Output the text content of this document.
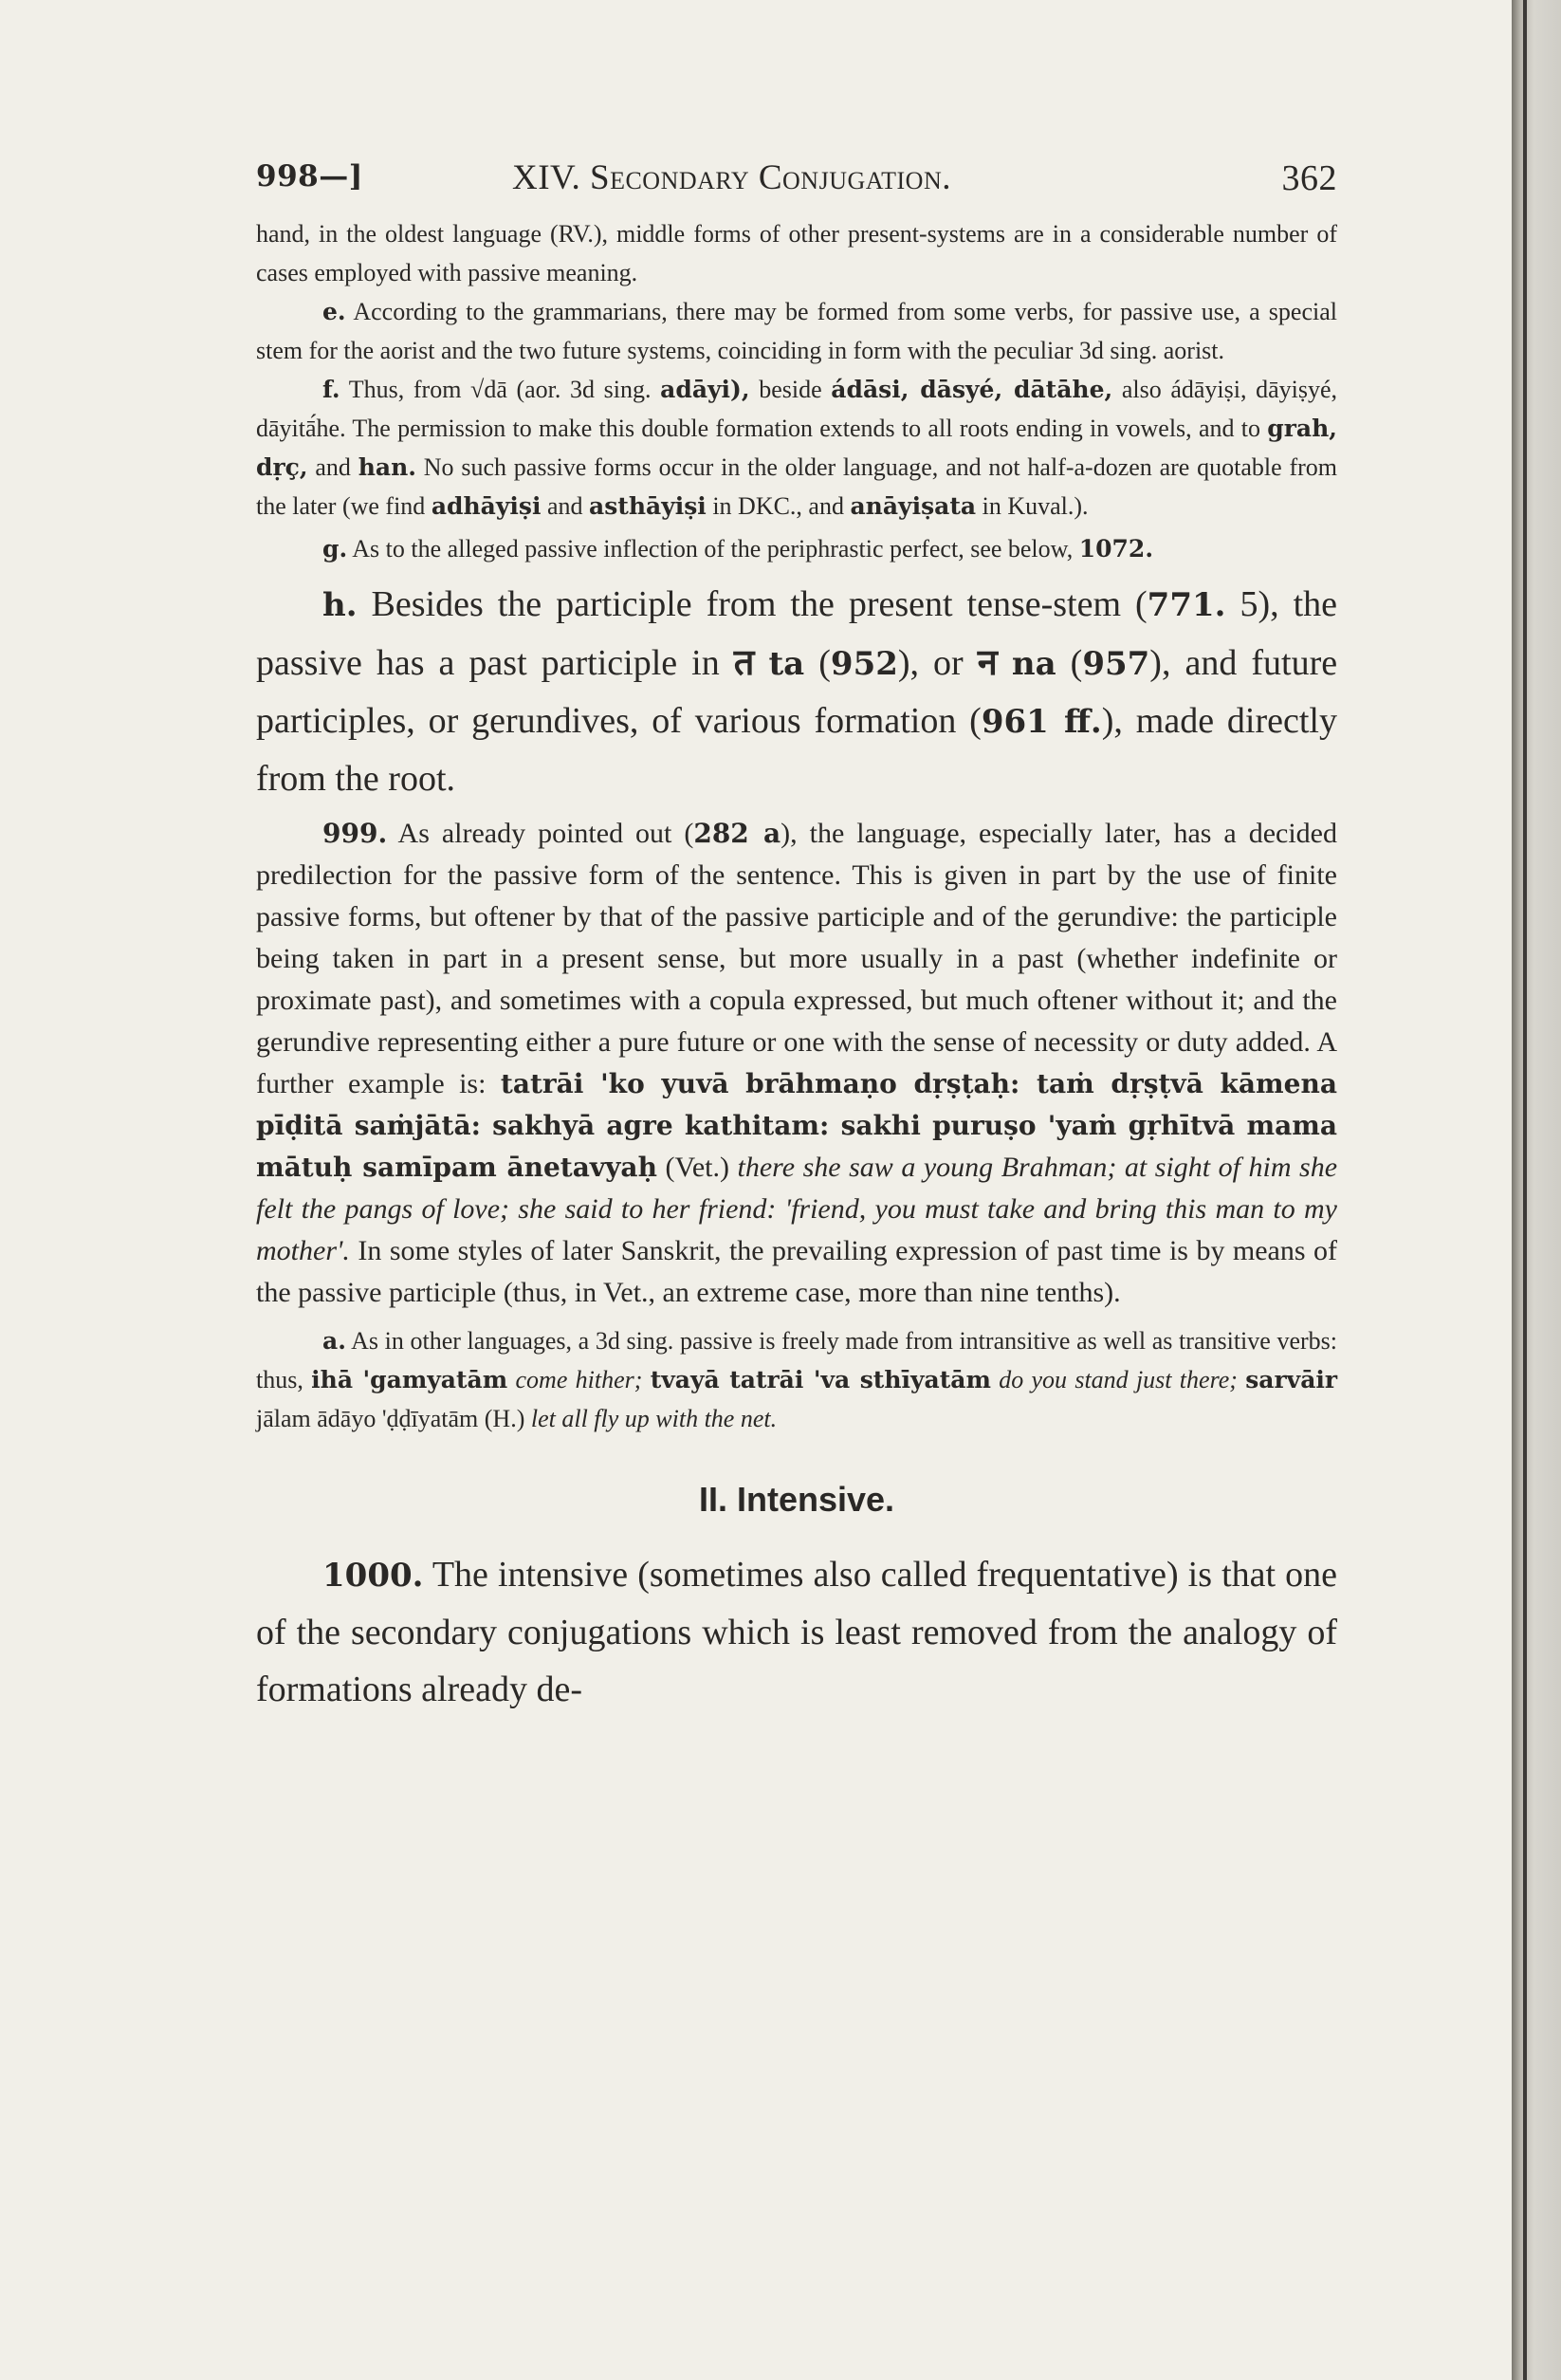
998—]	XIV. Secondary Conjugation.	362

hand, in the oldest language (RV.), middle forms of other present-systems are in a considerable number of cases employed with passive meaning.

e. According to the grammarians, there may be formed from some verbs, for passive use, a special stem for the aorist and the two future systems, coinciding in form with the peculiar 3d sing. aorist.

f. Thus, from √dā (aor. 3d sing. adāyi), beside ádāsi, dāsyé, dātāhe, also ádāyiṣi, dāyiṣyé, dāyitā́he. The permission to make this double formation extends to all roots ending in vowels, and to grah, dṛç, and han. No such passive forms occur in the older language, and not half-a-dozen are quotable from the later (we find adhāyiṣi and asthāyiṣi in DKC., and anāyiṣata in Kuval.).

g. As to the alleged passive inflection of the periphrastic perfect, see below, 1072.

h. Besides the participle from the present tense-stem (771. 5), the passive has a past participle in त ta (952), or न na (957), and future participles, or gerundives, of various formation (961 ff.), made directly from the root.

999. As already pointed out (282 a), the language, especially later, has a decided predilection for the passive form of the sentence. This is given in part by the use of finite passive forms, but oftener by that of the passive participle and of the gerundive: the participle being taken in part in a present sense, but more usually in a past (whether indefinite or proximate past), and sometimes with a copula expressed, but much oftener without it; and the gerundive representing either a pure future or one with the sense of necessity or duty added. A further example is: tatrāi 'ko yuvā brāhmaṇo dṛṣṭaḥ: taṁ dṛṣṭvā kāmena pīḍitā saṁjātā: sakhyā agre kathitam: sakhi puruṣo 'yaṁ gṛhītvā mama mātuḥ samīpam ānetavyaḥ (Vet.) there she saw a young Brahman; at sight of him she felt the pangs of love; she said to her friend: 'friend, you must take and bring this man to my mother'. In some styles of later Sanskrit, the prevailing expression of past time is by means of the passive participle (thus, in Vet., an extreme case, more than nine tenths).

a. As in other languages, a 3d sing. passive is freely made from intransitive as well as transitive verbs: thus, ihā 'gamyatām come hither; tvayā tatrāi 'va sthīyatām do you stand just there; sarvāir jālam ādāyo 'ḍḍīyatām (H.) let all fly up with the net.

II. Intensive.

1000. The intensive (sometimes also called frequentative) is that one of the secondary conjugations which is least removed from the analogy of formations already de-
